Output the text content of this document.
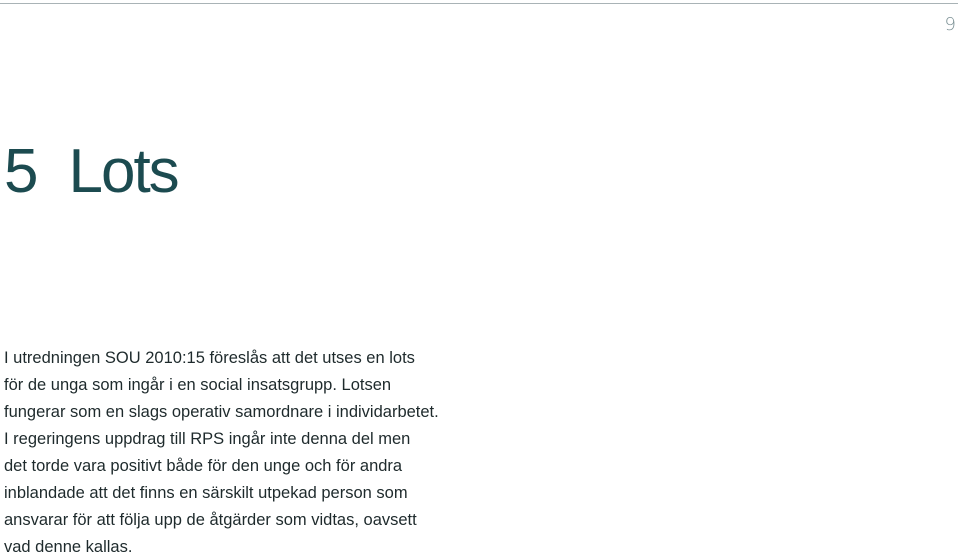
9
5 Lots

I utredningen SOU 2010:15 föreslås att det utses en lots

för de unga som ingår i en social insatsgrupp. Lotsen

fungerar som en slags operativ samordnare i individarbetet.

I regeringens uppdrag till RPS ingår inte denna del men

det torde vara positivt både för den unge och för andra

inblandade att det finns en särskilt utpekad person som

ansvarar för att följa upp de åtgärder som vidtas, oavsett

vad denne kallas.
